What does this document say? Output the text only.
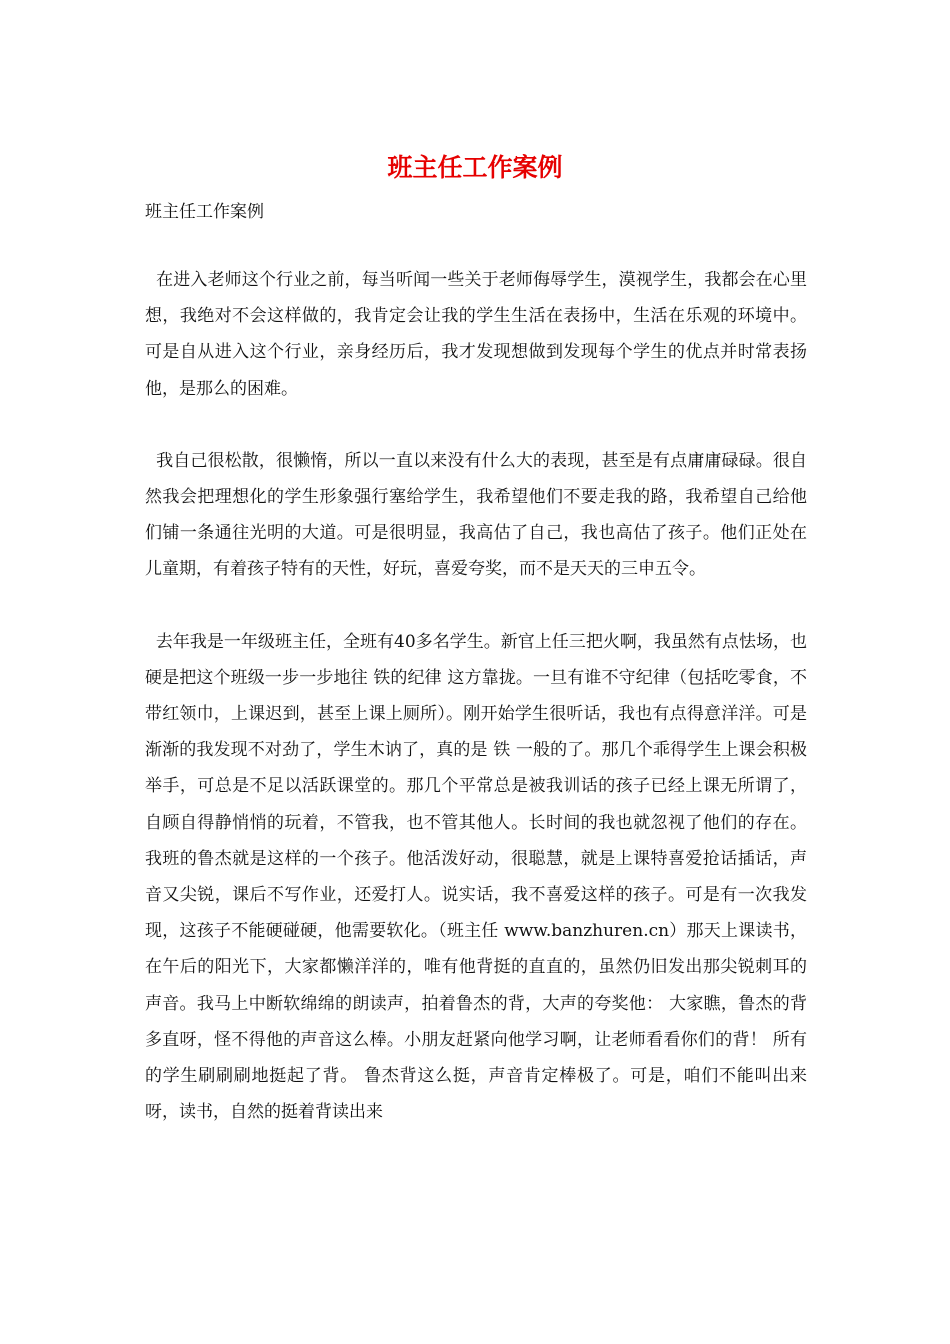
班主任工作案例

班主任工作案例

在进入老师这个行业之前，每当听闻一些关于老师侮辱学生，漠视学生，我都会在心里想，我绝对不会这样做的，我肯定会让我的学生生活在表扬中，生活在乐观的环境中。可是自从进入这个行业，亲身经历后，我才发现想做到发现每个学生的优点并时常表扬他，是那么的困难。

我自己很松散，很懒惰，所以一直以来没有什么大的表现，甚至是有点庸庸碌碌。很自然我会把理想化的学生形象强行塞给学生，我希望他们不要走我的路，我希望自己给他们铺一条通往光明的大道。可是很明显，我高估了自己，我也高估了孩子。他们正处在儿童期，有着孩子特有的天性，好玩，喜爱夸奖，而不是天天的三申五令。

去年我是一年级班主任，全班有40多名学生。新官上任三把火啊，我虽然有点怯场，也硬是把这个班级一步一步地往 铁的纪律 这方靠拢。一旦有谁不守纪律（包括吃零食，不带红领巾，上课迟到，甚至上课上厕所）。刚开始学生很听话，我也有点得意洋洋。可是渐渐的我发现不对劲了，学生木讷了，真的是 铁 一般的了。那几个乖得学生上课会积极举手，可总是不足以活跃课堂的。那几个平常总是被我训话的孩子已经上课无所谓了，自顾自得静悄悄的玩着，不管我，也不管其他人。长时间的我也就忽视了他们的存在。我班的鲁杰就是这样的一个孩子。他活泼好动，很聪慧，就是上课特喜爱抢话插话，声音又尖锐，课后不写作业，还爱打人。说实话，我不喜爱这样的孩子。可是有一次我发现，这孩子不能硬碰硬，他需要软化。（班主任 www.banzhuren.cn）那天上课读书，在午后的阳光下，大家都懒洋洋的，唯有他背挺的直直的，虽然仍旧发出那尖锐刺耳的声音。我马上中断软绵绵的朗读声，拍着鲁杰的背，大声的夸奖他： 大家瞧，鲁杰的背多直呀，怪不得他的声音这么棒。小朋友赶紧向他学习啊，让老师看看你们的背！ 所有的学生刷刷刷地挺起了背。 鲁杰背这么挺，声音肯定棒极了。可是，咱们不能叫出来呀，读书，自然的挺着背读出来
